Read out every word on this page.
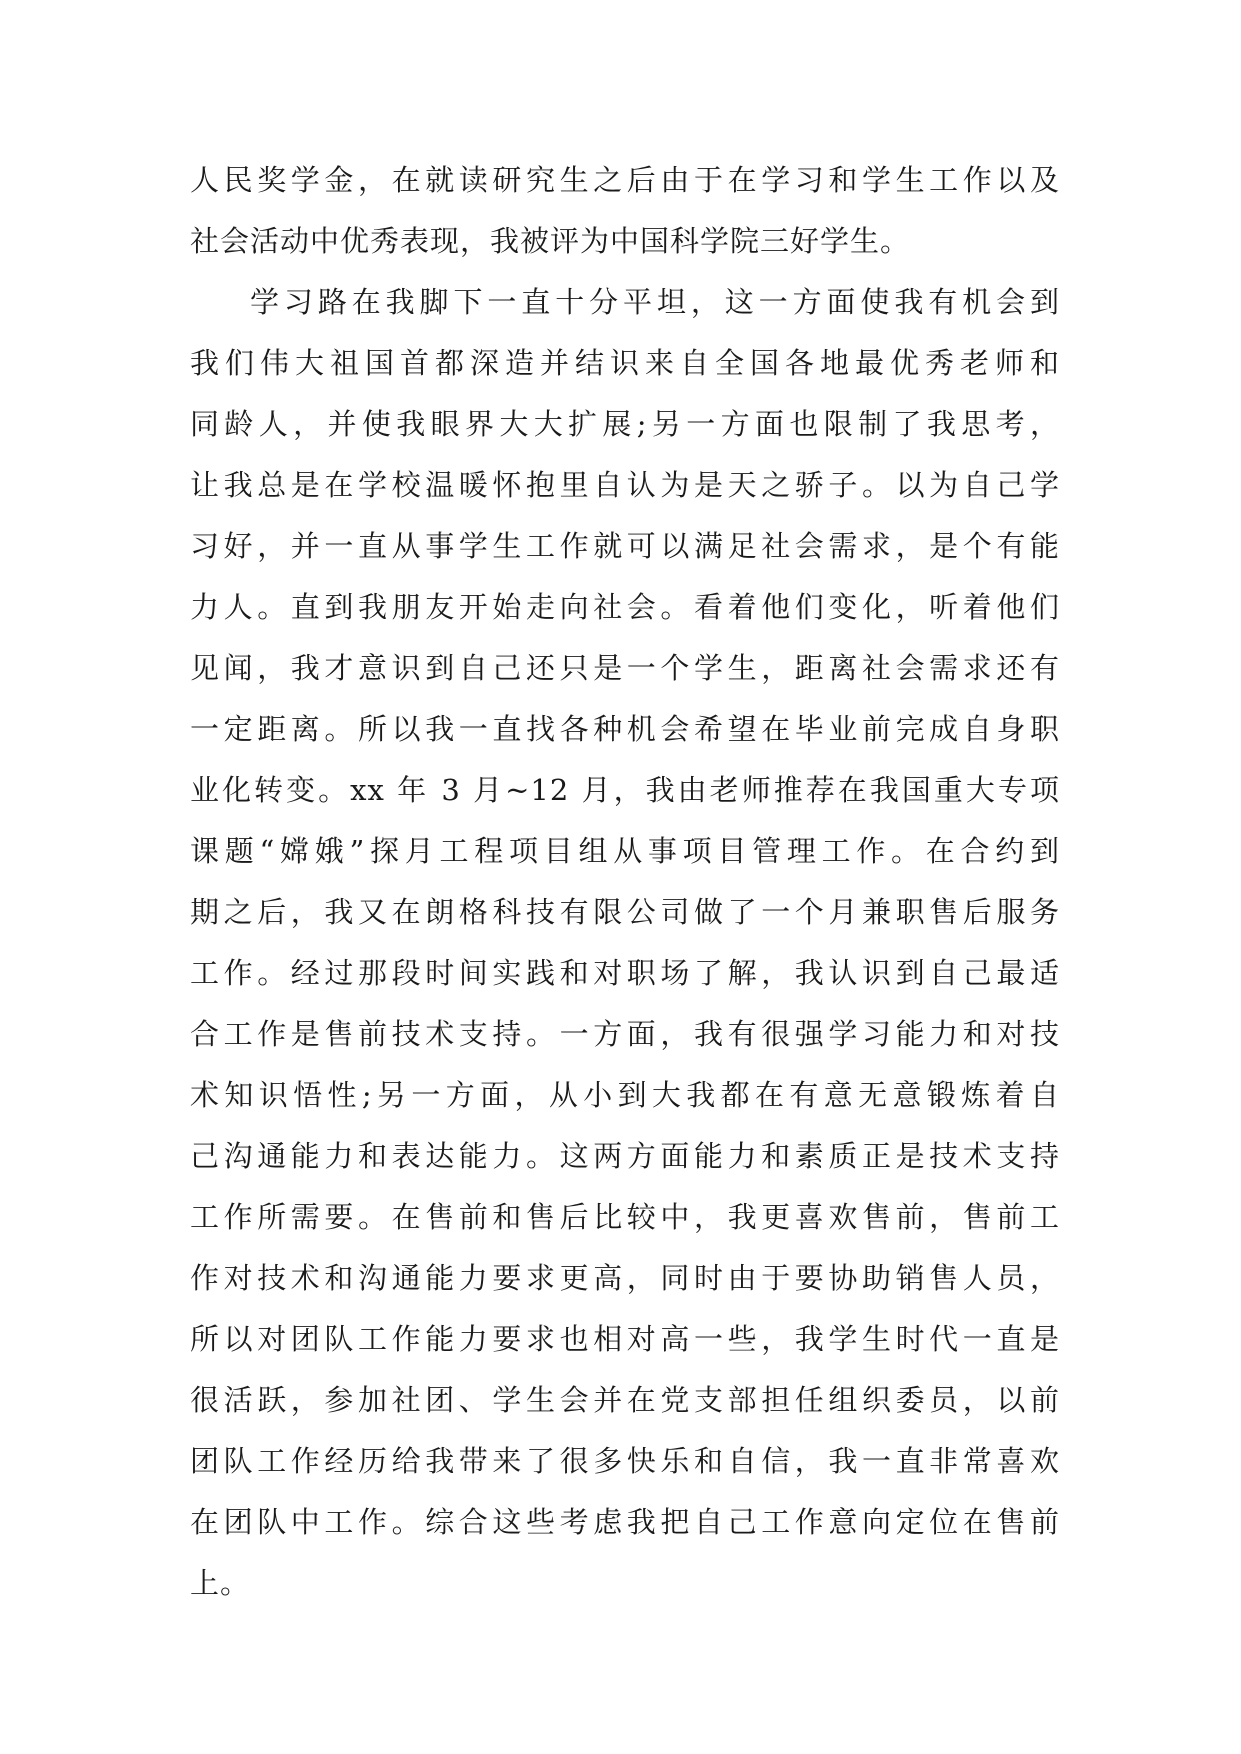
人民奖学金，在就读研究生之后由于在学习和学生工作以及
社会活动中优秀表现，我被评为中国科学院三好学生。
学习路在我脚下一直十分平坦，这一方面使我有机会到
我们伟大祖国首都深造并结识来自全国各地最优秀老师和
同龄人，并使我眼界大大扩展;另一方面也限制了我思考，
让我总是在学校温暖怀抱里自认为是天之骄子。以为自己学
习好，并一直从事学生工作就可以满足社会需求，是个有能
力人。直到我朋友开始走向社会。看着他们变化，听着他们
见闻，我才意识到自己还只是一个学生，距离社会需求还有
一定距离。所以我一直找各种机会希望在毕业前完成自身职
业化转变。xx 年 3 月~12 月，我由老师推荐在我国重大专项
课题“嫦娥”探月工程项目组从事项目管理工作。在合约到
期之后，我又在朗格科技有限公司做了一个月兼职售后服务
工作。经过那段时间实践和对职场了解，我认识到自己最适
合工作是售前技术支持。一方面，我有很强学习能力和对技
术知识悟性;另一方面，从小到大我都在有意无意锻炼着自
己沟通能力和表达能力。这两方面能力和素质正是技术支持
工作所需要。在售前和售后比较中，我更喜欢售前，售前工
作对技术和沟通能力要求更高，同时由于要协助销售人员，
所以对团队工作能力要求也相对高一些，我学生时代一直是
很活跃，参加社团、学生会并在党支部担任组织委员，以前
团队工作经历给我带来了很多快乐和自信，我一直非常喜欢
在团队中工作。综合这些考虑我把自己工作意向定位在售前
上。
